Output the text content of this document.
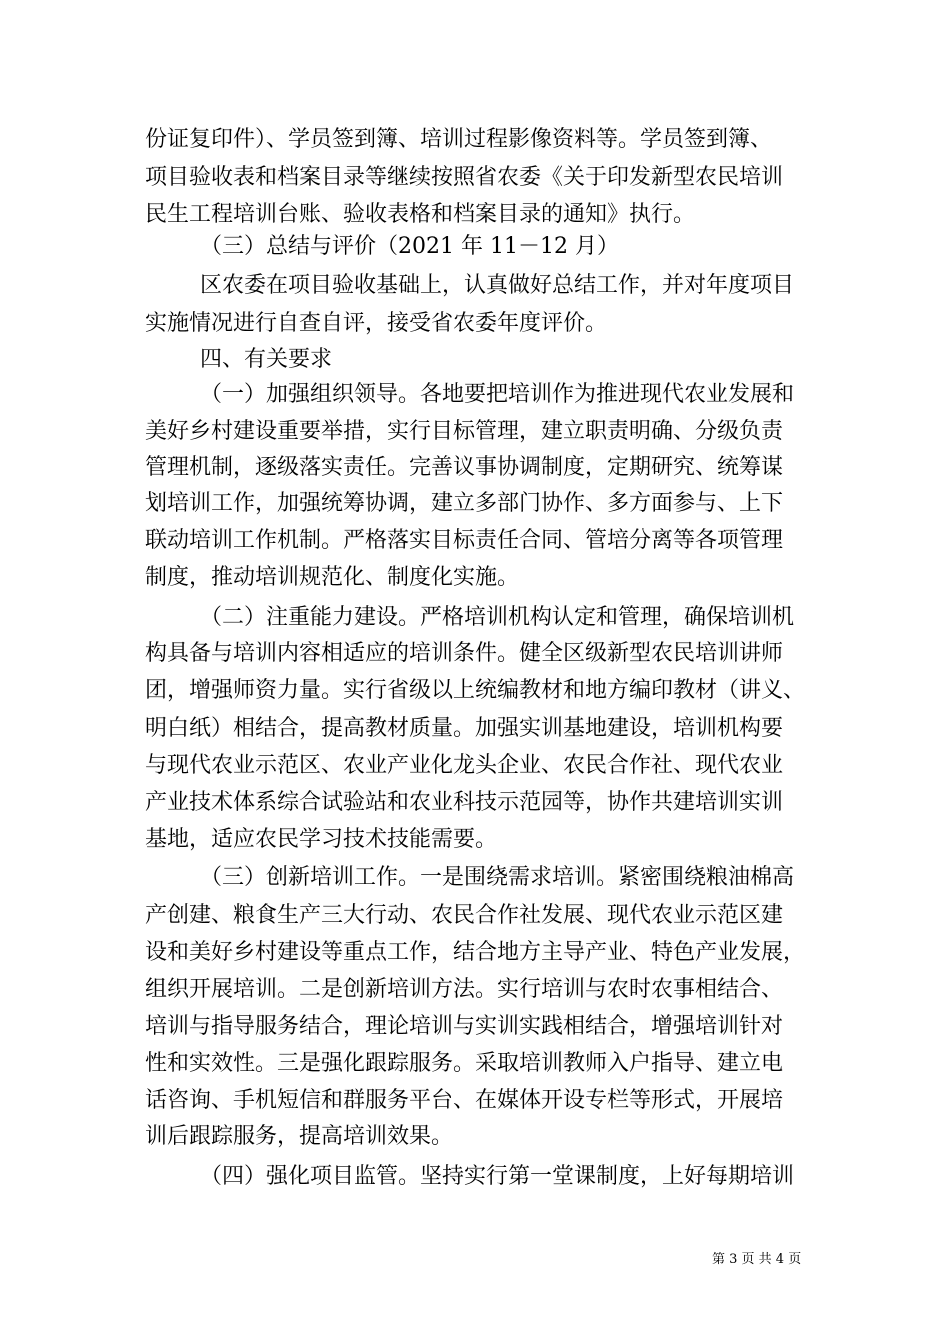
份证复印件）、学员签到簿、培训过程影像资料等。学员签到簿、
项目验收表和档案目录等继续按照省农委《关于印发新型农民培训
民生工程培训台账、验收表格和档案目录的通知》执行。
（三）总结与评价（2021 年 11－12 月）
区农委在项目验收基础上，认真做好总结工作，并对年度项目
实施情况进行自查自评，接受省农委年度评价。
四、有关要求
（一）加强组织领导。各地要把培训作为推进现代农业发展和
美好乡村建设重要举措，实行目标管理，建立职责明确、分级负责
管理机制，逐级落实责任。完善议事协调制度，定期研究、统筹谋
划培训工作，加强统筹协调，建立多部门协作、多方面参与、上下
联动培训工作机制。严格落实目标责任合同、管培分离等各项管理
制度，推动培训规范化、制度化实施。
（二）注重能力建设。严格培训机构认定和管理，确保培训机
构具备与培训内容相适应的培训条件。健全区级新型农民培训讲师
团，增强师资力量。实行省级以上统编教材和地方编印教材（讲义、
明白纸）相结合，提高教材质量。加强实训基地建设，培训机构要
与现代农业示范区、农业产业化龙头企业、农民合作社、现代农业
产业技术体系综合试验站和农业科技示范园等，协作共建培训实训
基地，适应农民学习技术技能需要。
（三）创新培训工作。一是围绕需求培训。紧密围绕粮油棉高
产创建、粮食生产三大行动、农民合作社发展、现代农业示范区建
设和美好乡村建设等重点工作，结合地方主导产业、特色产业发展，
组织开展培训。二是创新培训方法。实行培训与农时农事相结合、
培训与指导服务结合，理论培训与实训实践相结合，增强培训针对
性和实效性。三是强化跟踪服务。采取培训教师入户指导、建立电
话咨询、手机短信和群服务平台、在媒体开设专栏等形式，开展培
训后跟踪服务，提高培训效果。
（四）强化项目监管。坚持实行第一堂课制度，上好每期培训
第 3 页 共 4 页
